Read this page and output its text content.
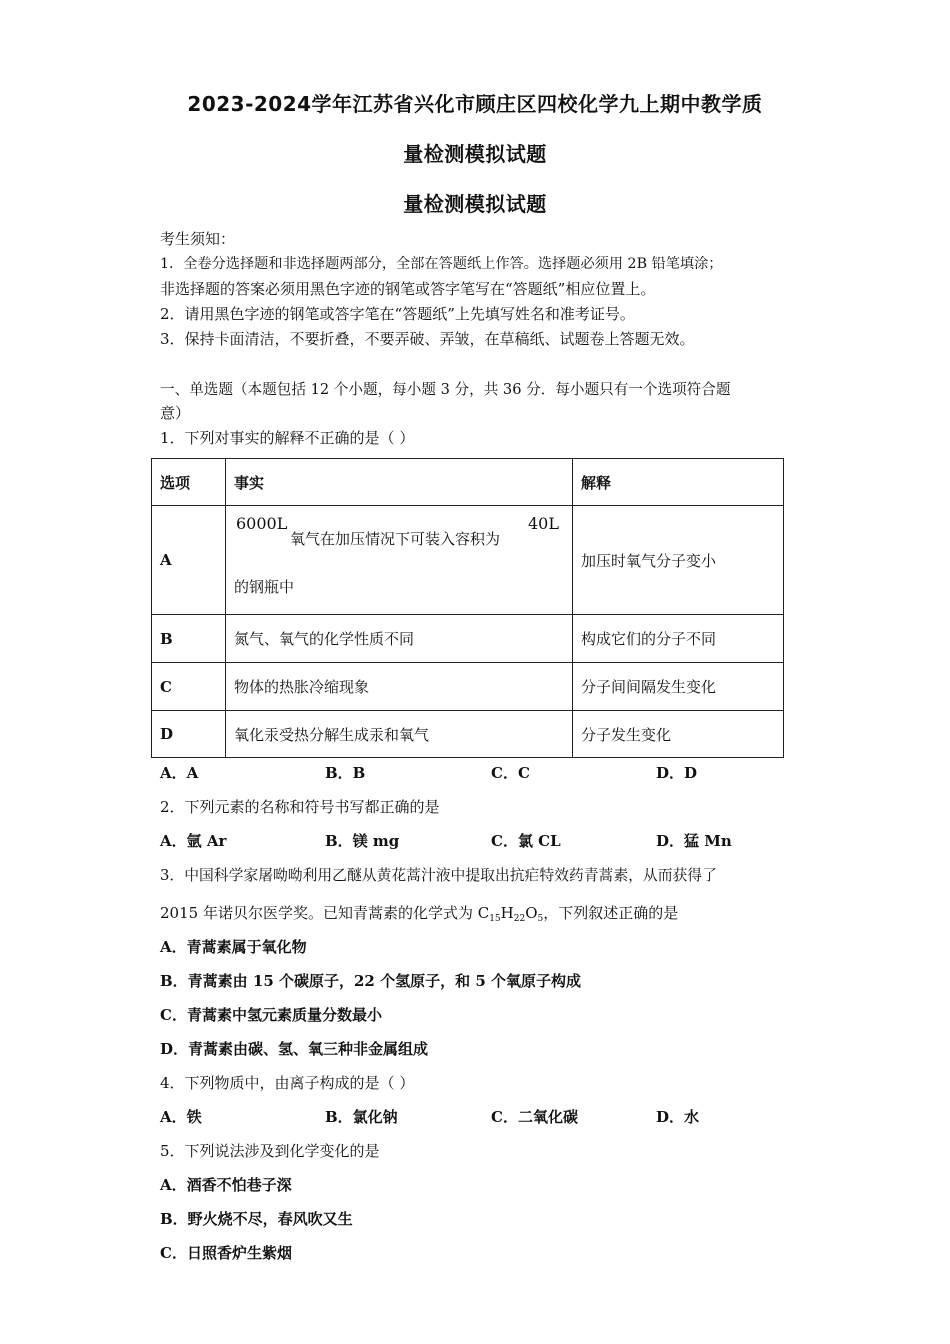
2023-2024学年江苏省兴化市顾庄区四校化学九上期中教学质
量检测模拟试题
量检测模拟试题
考生须知：
1．全卷分选择题和非选择题两部分，全部在答题纸上作答。选择题必须用 2B 铅笔填涂；
非选择题的答案必须用黑色字迹的钢笔或答字笔写在“答题纸”相应位置上。
2．请用黑色字迹的钢笔或答字笔在“答题纸”上先填写姓名和准考证号。
3．保持卡面清洁，不要折叠，不要弄破、弄皱，在草稿纸、试题卷上答题无效。
一、单选题（本题包括 12 个小题，每小题 3 分，共 36 分．每小题只有一个选项符合题
意）
1．下列对事实的解释不正确的是（ ）
选项	事实	解释
A	6000L
氧气在加压情况下可装入容积为
40L
的钢瓶中	加压时氧气分子变小
B	氮气、氧气的化学性质不同	构成它们的分子不同
C	物体的热胀冷缩现象	分子间间隔发生变化
D	氧化汞受热分解生成汞和氧气	分子发生变化
A．A	B．B	C．C	D．D
2．下列元素的名称和符号书写都正确的是
A．氩 Ar	B．镁 mg	C．氯 CL	D．猛 Mn
3．中国科学家屠呦呦利用乙醚从黄花蒿汁液中提取出抗疟特效药青蒿素，从而获得了
2015 年诺贝尔医学奖。已知青蒿素的化学式为 $C_{15}H_{22}O_5$，下列叙述正确的是
A．青蒿素属于氧化物
B．青蒿素由 15 个碳原子，22 个氢原子，和 5 个氧原子构成
C．青蒿素中氢元素质量分数最小
D．青蒿素由碳、氢、氧三种非金属组成
4．下列物质中，由离子构成的是（ ）
A．铁	B．氯化钠	C．二氧化碳	D．水
5．下列说法涉及到化学变化的是
A．酒香不怕巷子深
B．野火烧不尽，春风吹又生
C．日照香炉生紫烟
